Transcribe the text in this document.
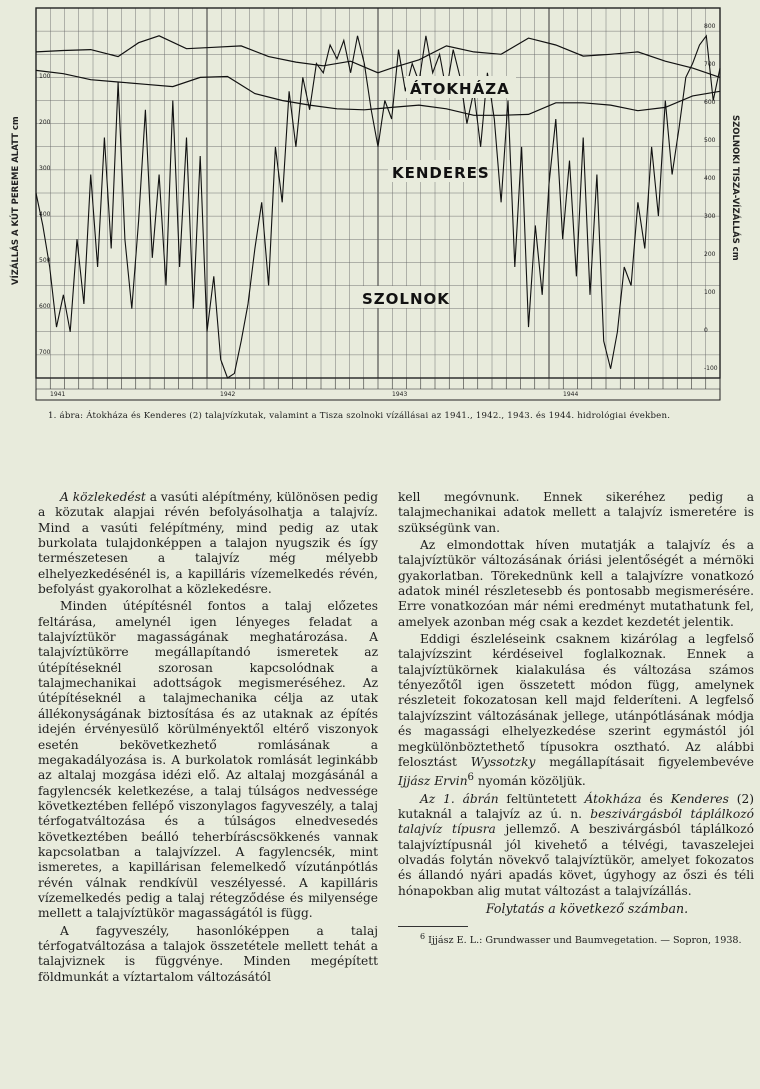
VÍZÁLLÁS A KÚT PEREME ALATT cm	SZOLNOKI TISZA-VÍZÁLLÁS cm
100
200
300
400
500
600
700
800
700
600
500
400
300
200
100
0
-100
ÁTOKHÁZA
KENDERES
SZOLNOK
1941	1942	1943	1944
1. ábra: Átokháza és Kenderes (2) talajvízkutak, valamint a Tisza szolnoki vízállásai az 1941., 1942., 1943. és 1944. hidrológiai években.

A közlekedést a vasúti alépítmény, különösen pedig a közutak alapjai révén befolyásolhatja a talajvíz. Mind a vasúti felépítmény, mind pedig az utak burkolata tulajdonképpen a talajon nyugszik és így természetesen a talajvíz még mélyebb elhelyezkedésénél is, a kapilláris vízemelkedés révén, befolyást gyakorolhat a közlekedésre.

Minden útépítésnél fontos a talaj előzetes feltárása, amelynél igen lényeges feladat a talajvíztükör magasságának meghatározása. A talajvíztükörre megállapítandó ismeretek az útépítéseknél szorosan kapcsolódnak a talajmechanikai adottságok megismeréséhez. Az útépítéseknél a talajmechanika célja az utak állékonyságának biztosítása és az utaknak az építés idején érvényesülő körülményektől eltérő viszonyok esetén bekövetkezhető romlásának a megakadályozása is. A burkolatok romlását leginkább az altalaj mozgása idézi elő. Az altalaj mozgásánál a fagylencsék keletkezése, a talaj túlságos nedvessége következtében fellépő viszonylagos fagyveszély, a talaj térfogatváltozása és a túlságos elnedvesedés következtében beálló teherbíráscsökkenés vannak kapcsolatban a talajvízzel. A fagylencsék, mint ismeretes, a kapillárisan felemelkedő vízutánpótlás révén válnak rendkívül veszélyessé. A kapilláris vízemelkedés pedig a talaj rétegződése és milyensége mellett a talajvíztükör magasságától is függ.

A fagyveszély, hasonlóképpen a talaj térfogatváltozása a talajok összetétele mellett tehát a talajviznek is függvénye. Minden megépített földmunkát a víztartalom változásától

kell megóvnunk. Ennek sikeréhez pedig a talajmechanikai adatok mellett a talajvíz ismeretére is szükségünk van.

Az elmondottak híven mutatják a talajvíz és a talajvíztükör változásának óriási jelentőségét a mérnöki gyakorlatban. Törekednünk kell a talajvízre vonatkozó adatok minél részletesebb és pontosabb megismerésére. Erre vonatkozóan már némi eredményt mutathatunk fel, amelyek azonban még csak a kezdet kezdetét jelentik.

Eddigi észleléseink csaknem kizárólag a legfelső talajvízszint kérdéseivel foglalkoznak. Ennek a talajvíztükörnek kialakulása és változása számos tényezőtől igen összetett módon függ, amelynek részleteit fokozatosan kell majd felderíteni. A legfelső talajvízszint változásának jellege, utánpótlásának módja és magassági elhelyezkedése szerint egymástól jól megkülönböztethető típusokra osztható. Az alábbi felosztást Wyssotzky megállapításait figyelembevéve Ijjász Ervin$^6$ nyomán közöljük.

Az 1. ábrán feltüntetett Átokháza és Kenderes (2) kutaknál a talajvíz az ú. n. beszivárgásból táplálkozó talajvíz típusra jellemző. A beszivárgásból táplálkozó talajvíztípusnál jól kivehető a télvégi, tavaszelejei olvadás folytán növekvő talajvíztükör, amelyet fokozatos és állandó nyári apadás követ, úgyhogy az őszi és téli hónapokban alig mutat változást a talajvízállás.

Folytatás a következő számban.

$^6$ Ijjász E. L.: Grundwasser und Baumvegetation. — Sopron, 1938.
